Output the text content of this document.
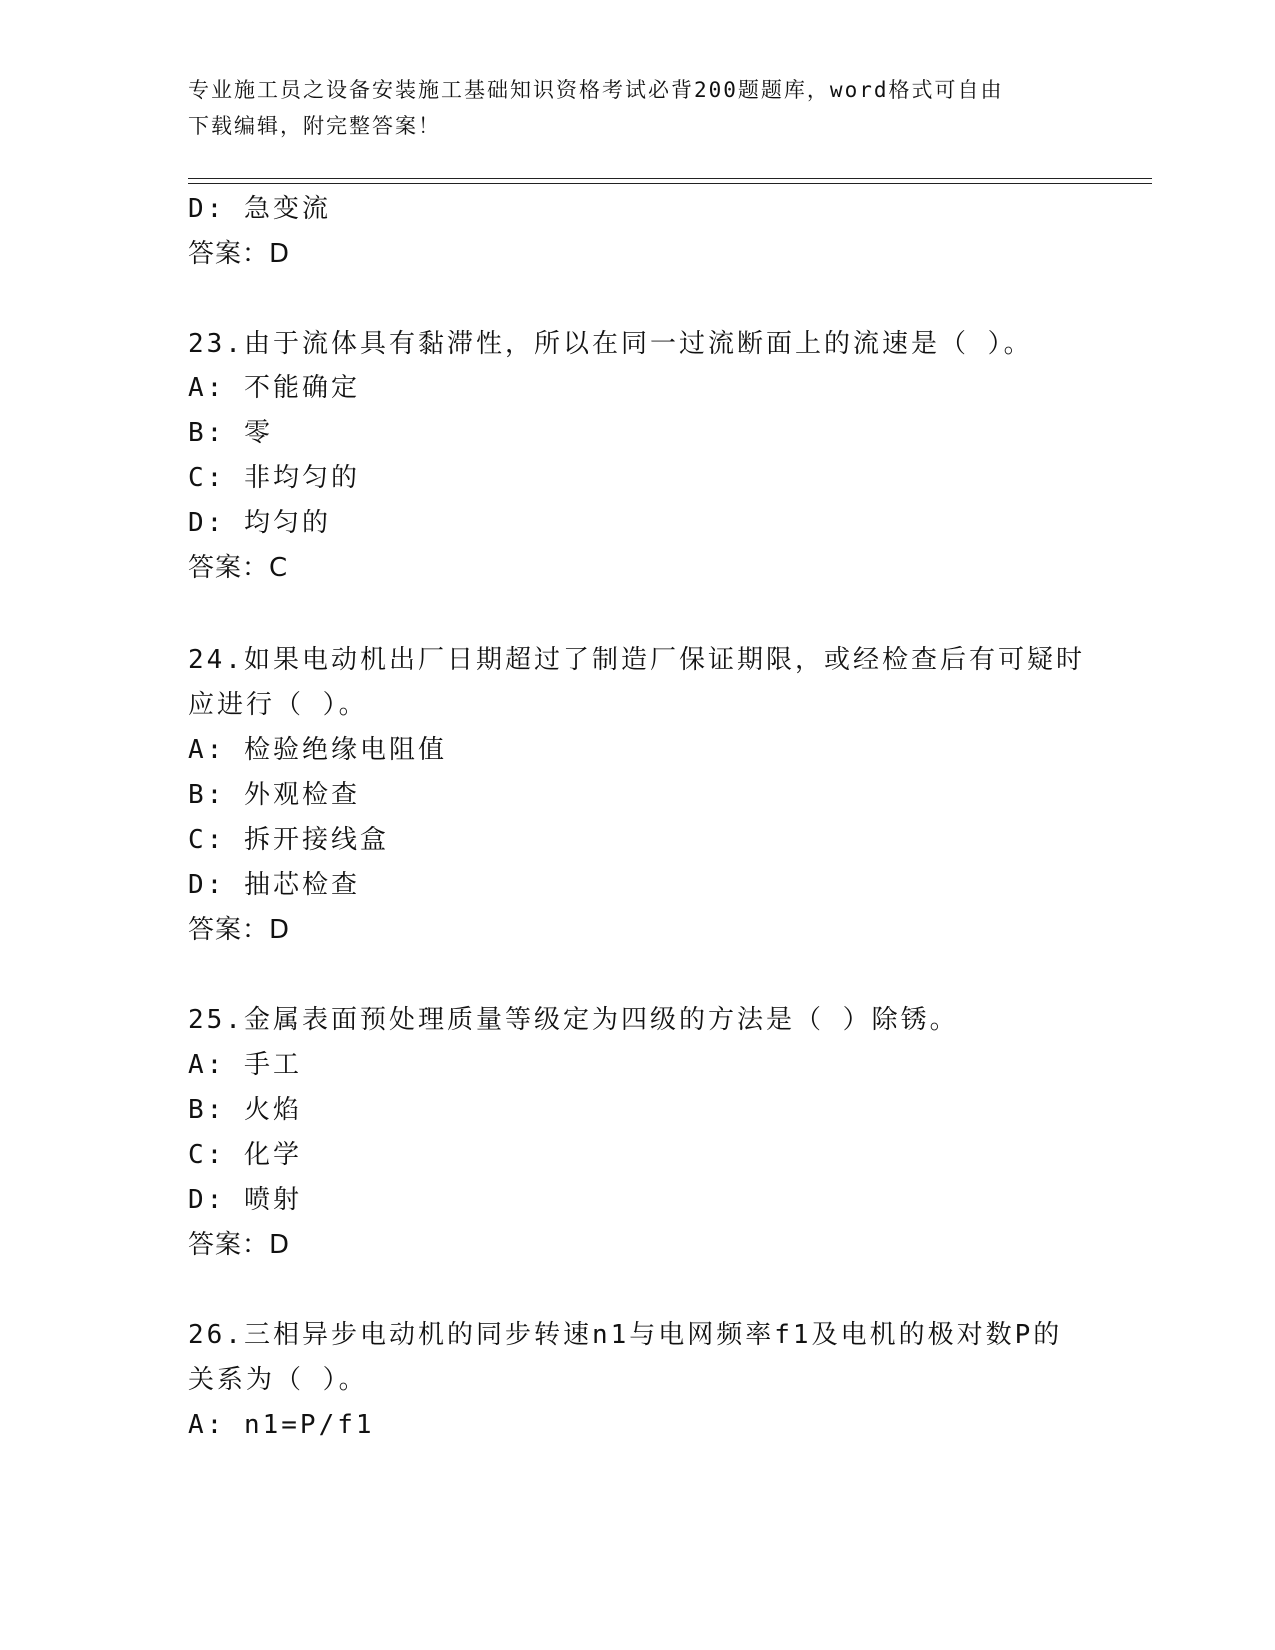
专业施工员之设备安装施工基础知识资格考试必背200题题库，word格式可自由
下载编辑，附完整答案！
D: 急变流
答案：D
23.由于流体具有黏滞性，所以在同一过流断面上的流速是（ ）。
A: 不能确定
B: 零
C: 非均匀的
D: 均匀的
答案：C
24.如果电动机出厂日期超过了制造厂保证期限，或经检查后有可疑时
应进行（ ）。
A: 检验绝缘电阻值
B: 外观检查
C: 拆开接线盒
D: 抽芯检查
答案：D
25.金属表面预处理质量等级定为四级的方法是（ ）除锈。
A: 手工
B: 火焰
C: 化学
D: 喷射
答案：D
26.三相异步电动机的同步转速n1与电网频率f1及电机的极对数P的
关系为（ ）。
A: n1=P/f1
